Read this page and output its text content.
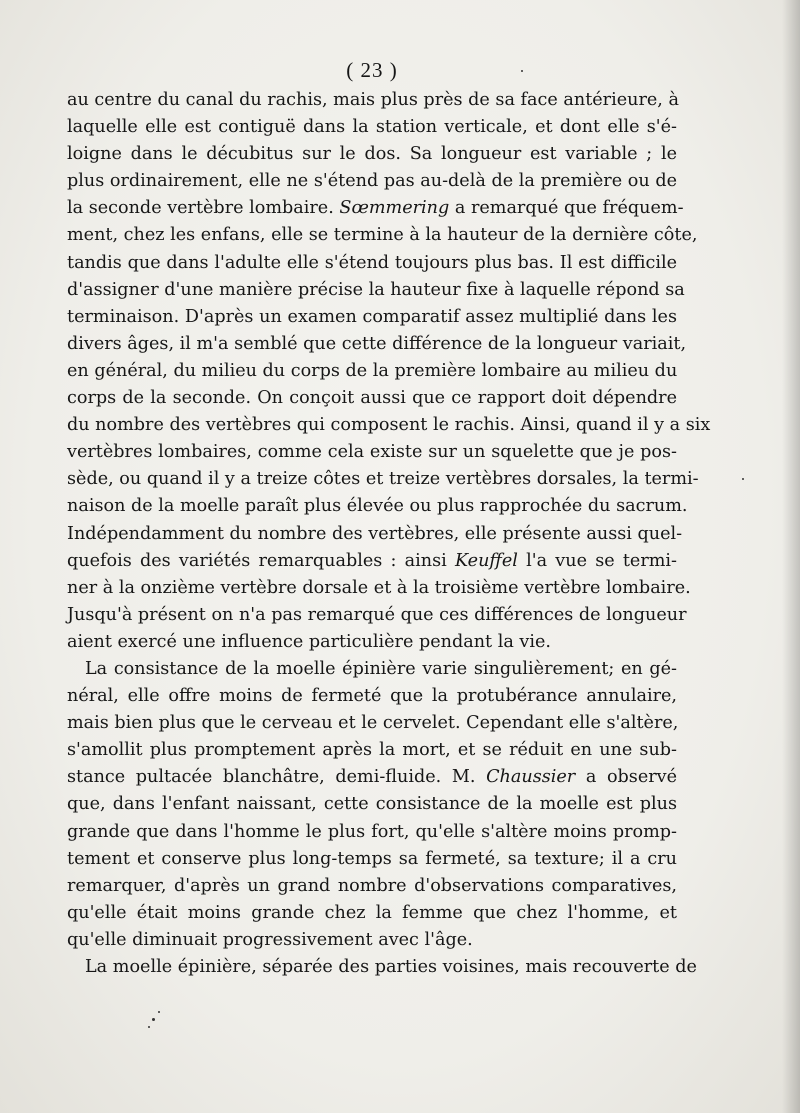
( 23 )
au centre du canal du rachis, mais plus près de sa face antérieure, à
laquelle elle est contiguë dans la station verticale, et dont elle s'é-
loigne dans le décubitus sur le dos. Sa longueur est variable ; le
plus ordinairement, elle ne s'étend pas au-delà de la première ou de
la seconde vertèbre lombaire. Sœmmering a remarqué que fréquem-
ment, chez les enfans, elle se termine à la hauteur de la dernière côte,
tandis que dans l'adulte elle s'étend toujours plus bas. Il est difficile
d'assigner d'une manière précise la hauteur fixe à laquelle répond sa
terminaison. D'après un examen comparatif assez multiplié dans les
divers âges, il m'a semblé que cette différence de la longueur variait,
en général, du milieu du corps de la première lombaire au milieu du
corps de la seconde. On conçoit aussi que ce rapport doit dépendre
du nombre des vertèbres qui composent le rachis. Ainsi, quand il y a six
vertèbres lombaires, comme cela existe sur un squelette que je pos-
sède, ou quand il y a treize côtes et treize vertèbres dorsales, la termi-
naison de la moelle paraît plus élevée ou plus rapprochée du sacrum.
Indépendamment du nombre des vertèbres, elle présente aussi quel-
quefois des variétés remarquables : ainsi Keuffel l'a vue se termi-
ner à la onzième vertèbre dorsale et à la troisième vertèbre lombaire.
Jusqu'à présent on n'a pas remarqué que ces différences de longueur
aient exercé une influence particulière pendant la vie.
La consistance de la moelle épinière varie singulièrement; en gé-
néral, elle offre moins de fermeté que la protubérance annulaire,
mais bien plus que le cerveau et le cervelet. Cependant elle s'altère,
s'amollit plus promptement après la mort, et se réduit en une sub-
stance pultacée blanchâtre, demi-fluide. M. Chaussier a observé
que, dans l'enfant naissant, cette consistance de la moelle est plus
grande que dans l'homme le plus fort, qu'elle s'altère moins promp-
tement et conserve plus long-temps sa fermeté, sa texture; il a cru
remarquer, d'après un grand nombre d'observations comparatives,
qu'elle était moins grande chez la femme que chez l'homme, et
qu'elle diminuait progressivement avec l'âge.
La moelle épinière, séparée des parties voisines, mais recouverte de
